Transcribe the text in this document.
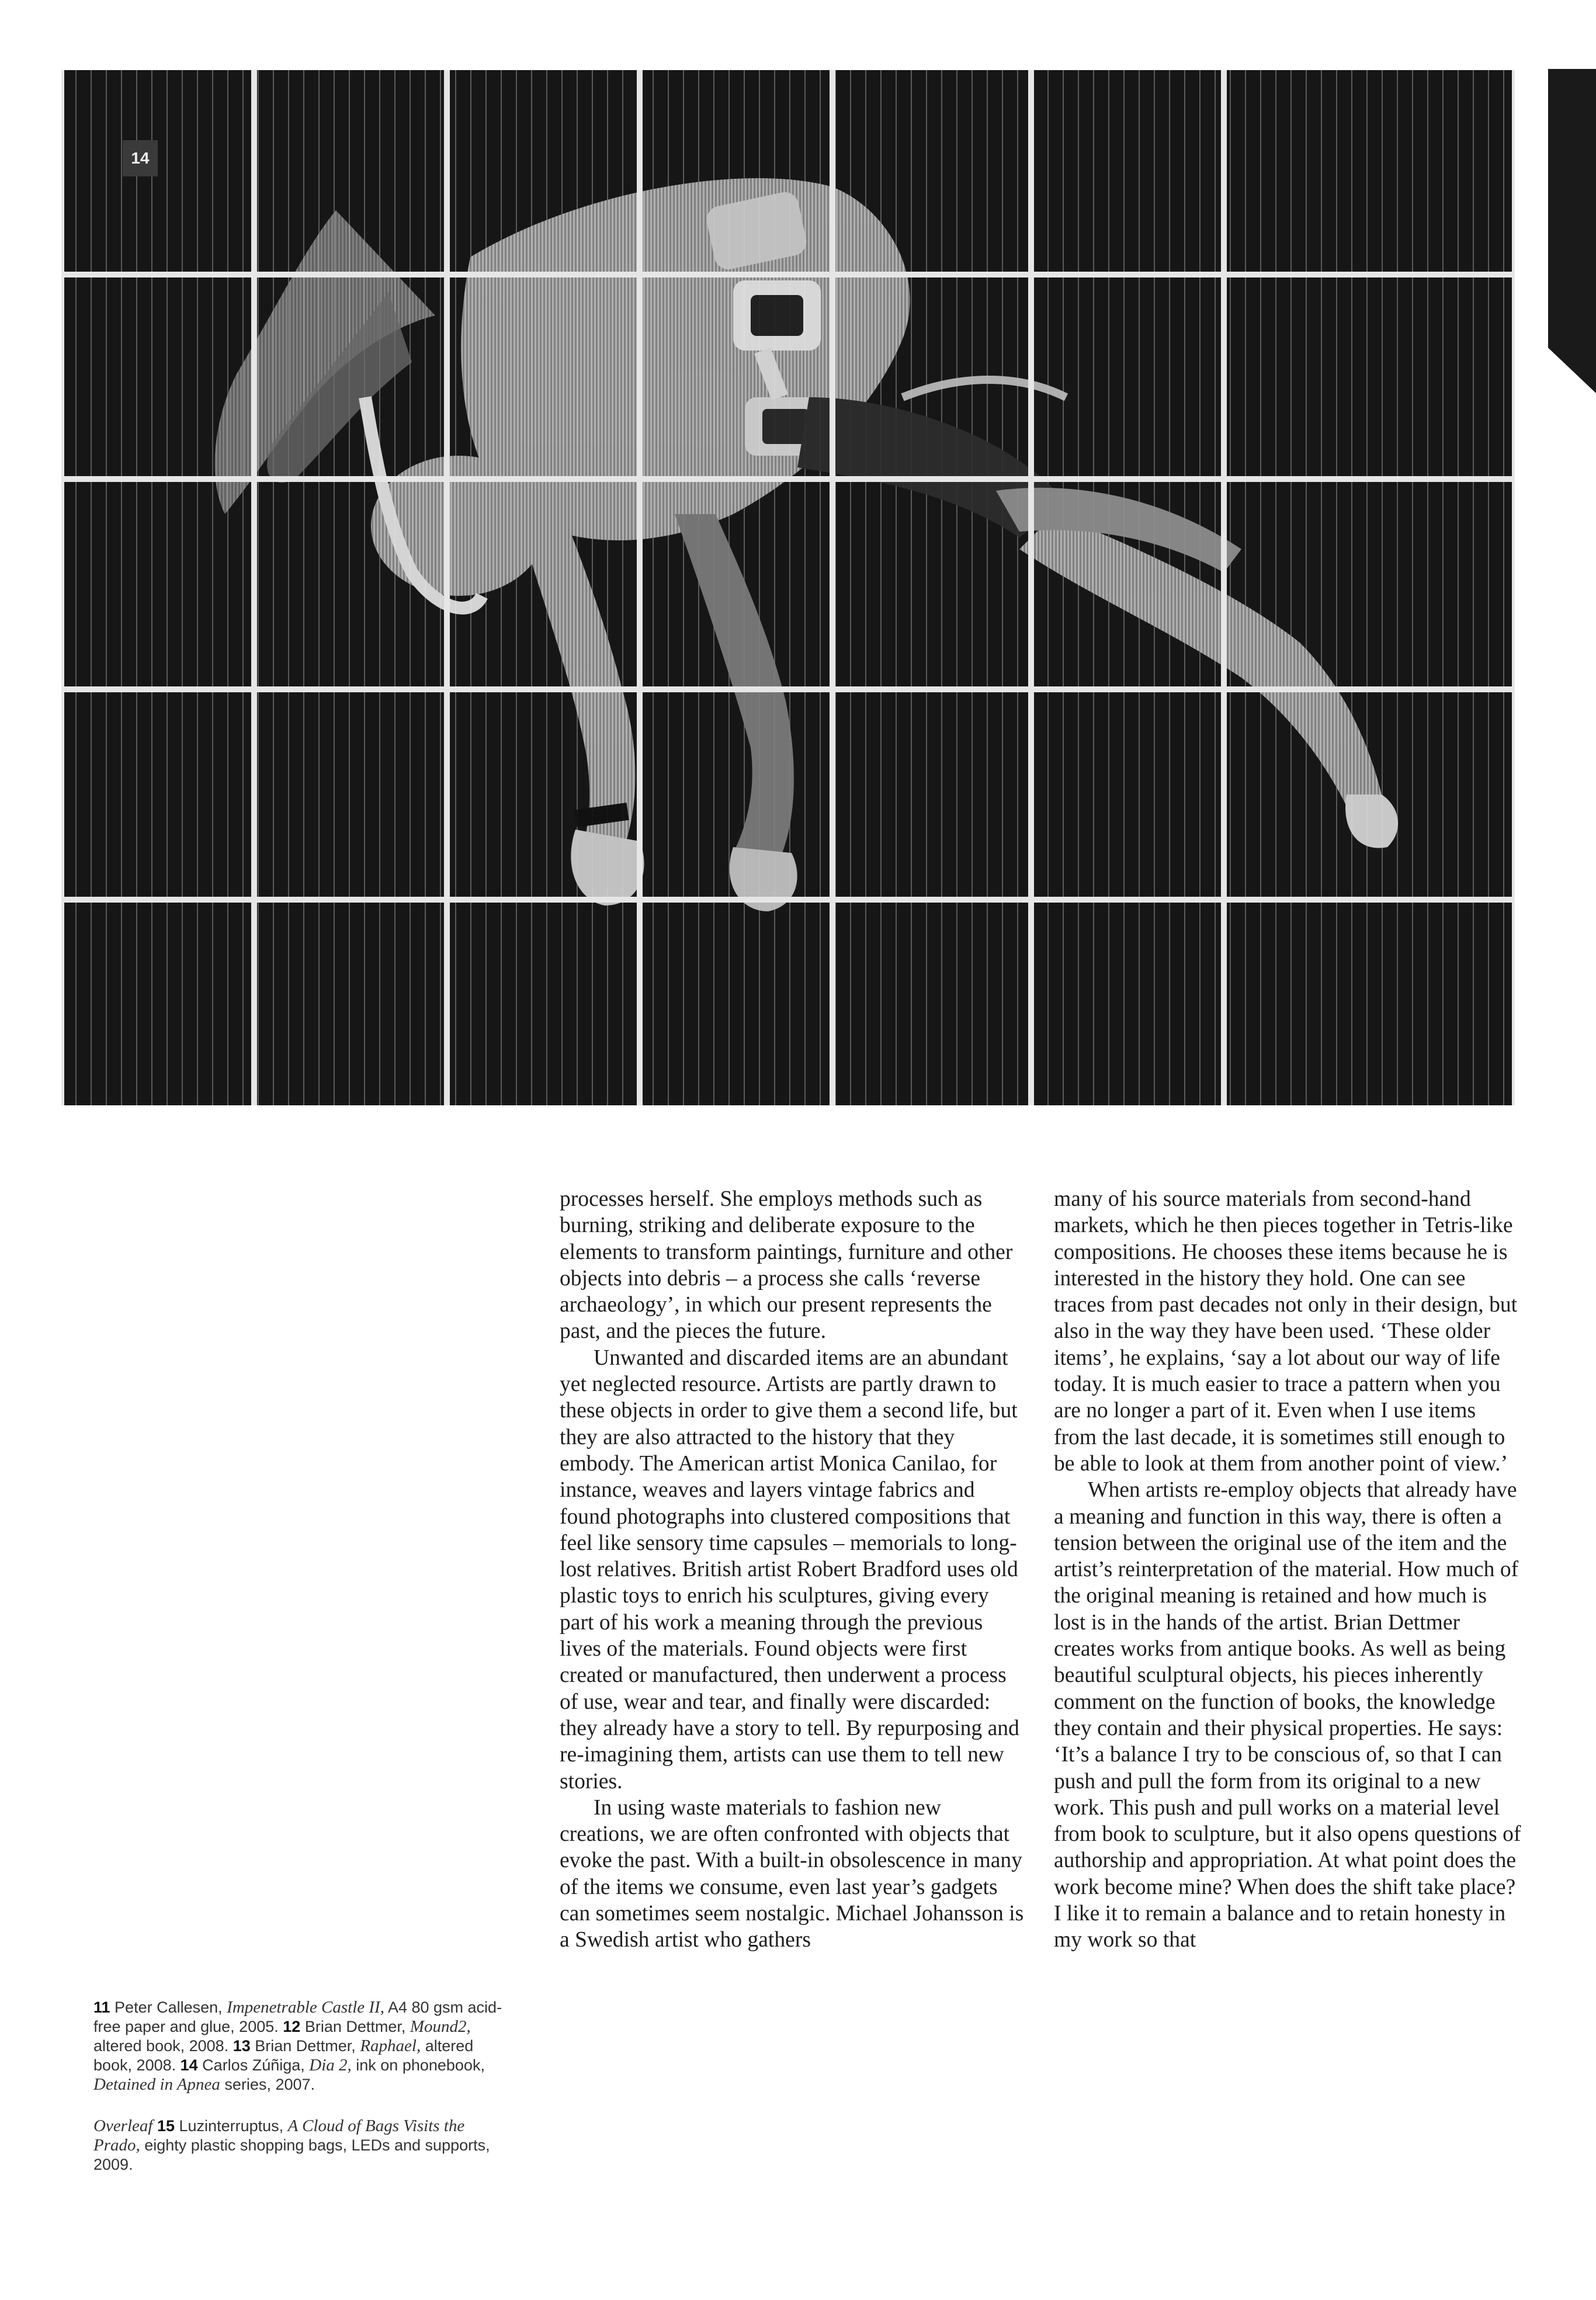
14

11 Peter Callesen, Impenetrable Castle II, A4 80 gsm acid-free paper and glue, 2005. 12 Brian Dettmer, Mound2, altered book, 2008. 13 Brian Dettmer, Raphael, altered book, 2008. 14 Carlos Zúñiga, Dia 2, ink on phonebook, Detained in Apnea series, 2007.

Overleaf 15 Luzinterruptus, A Cloud of Bags Visits the Prado, eighty plastic shopping bags, LEDs and supports, 2009.

processes herself. She employs methods such as burning, striking and deliberate exposure to the elements to transform paintings, furniture and other objects into debris – a process she calls ‘reverse archaeology’, in which our present represents the past, and the pieces the future.

Unwanted and discarded items are an abundant yet neglected resource. Artists are partly drawn to these objects in order to give them a second life, but they are also attracted to the history that they embody. The American artist Monica Canilao, for instance, weaves and layers vintage fabrics and found photographs into clustered compositions that feel like sensory time capsules – memorials to long-lost relatives. British artist Robert Bradford uses old plastic toys to enrich his sculptures, giving every part of his work a meaning through the previous lives of the materials. Found objects were first created or manufactured, then underwent a process of use, wear and tear, and finally were discarded: they already have a story to tell. By repurposing and re-imagining them, artists can use them to tell new stories.

In using waste materials to fashion new creations, we are often confronted with objects that evoke the past. With a built-in obsolescence in many of the items we consume, even last year’s gadgets can sometimes seem nostalgic. Michael Johansson is a Swedish artist who gathers

many of his source materials from second-hand markets, which he then pieces together in Tetris-like compositions. He chooses these items because he is interested in the history they hold. One can see traces from past decades not only in their design, but also in the way they have been used. ‘These older items’, he explains, ‘say a lot about our way of life today. It is much easier to trace a pattern when you are no longer a part of it. Even when I use items from the last decade, it is sometimes still enough to be able to look at them from another point of view.’

When artists re-employ objects that already have a meaning and function in this way, there is often a tension between the original use of the item and the artist’s reinterpretation of the material. How much of the original meaning is retained and how much is lost is in the hands of the artist. Brian Dettmer creates works from antique books. As well as being beautiful sculptural objects, his pieces inherently comment on the function of books, the knowledge they contain and their physical properties. He says: ‘It’s a balance I try to be conscious of, so that I can push and pull the form from its original to a new work. This push and pull works on a material level from book to sculpture, but it also opens questions of authorship and appropriation. At what point does the work become mine? When does the shift take place? I like it to remain a balance and to retain honesty in my work so that
